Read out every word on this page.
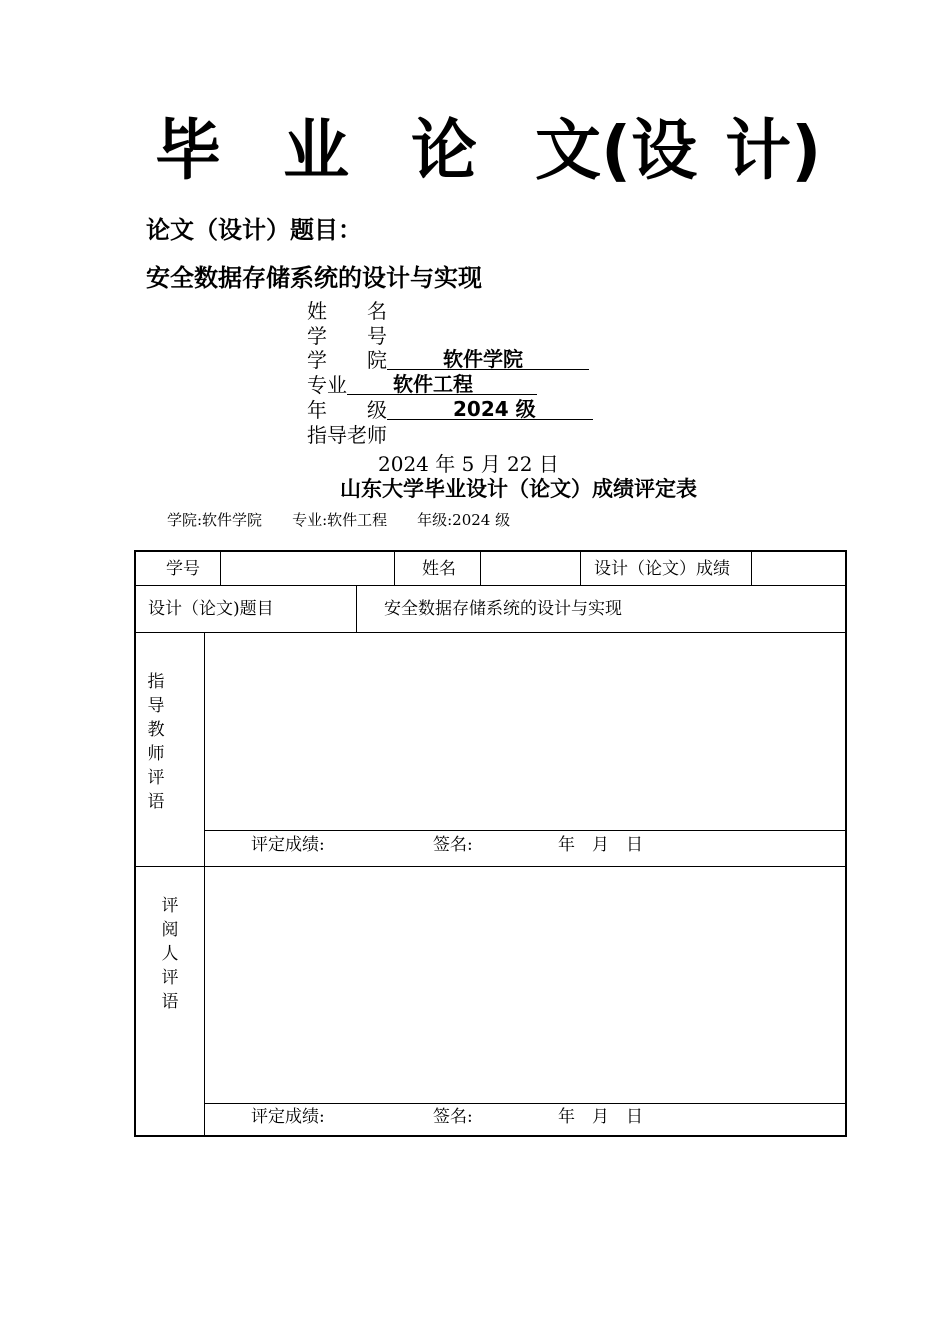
毕 业 论 文(设 计)
论文（设计）题目：
安全数据存储系统的设计与实现
姓　　名
学　　号
学　　院	软件学院
专业 软件工程
年　　级	2024 级
指导老师
2024 年 5 月 22 日
山东大学毕业设计（论文）成绩评定表
学院:软件学院 专业:软件工程 年级:2024 级
学号	姓名	设计（论文）成绩
设计（论文)题目	安全数据存储系统的设计与实现
指
导
教
师
评
语
评定成绩:	签名:	年 月 日
评
阅
人
评
语
评定成绩:	签名:	年 月 日
